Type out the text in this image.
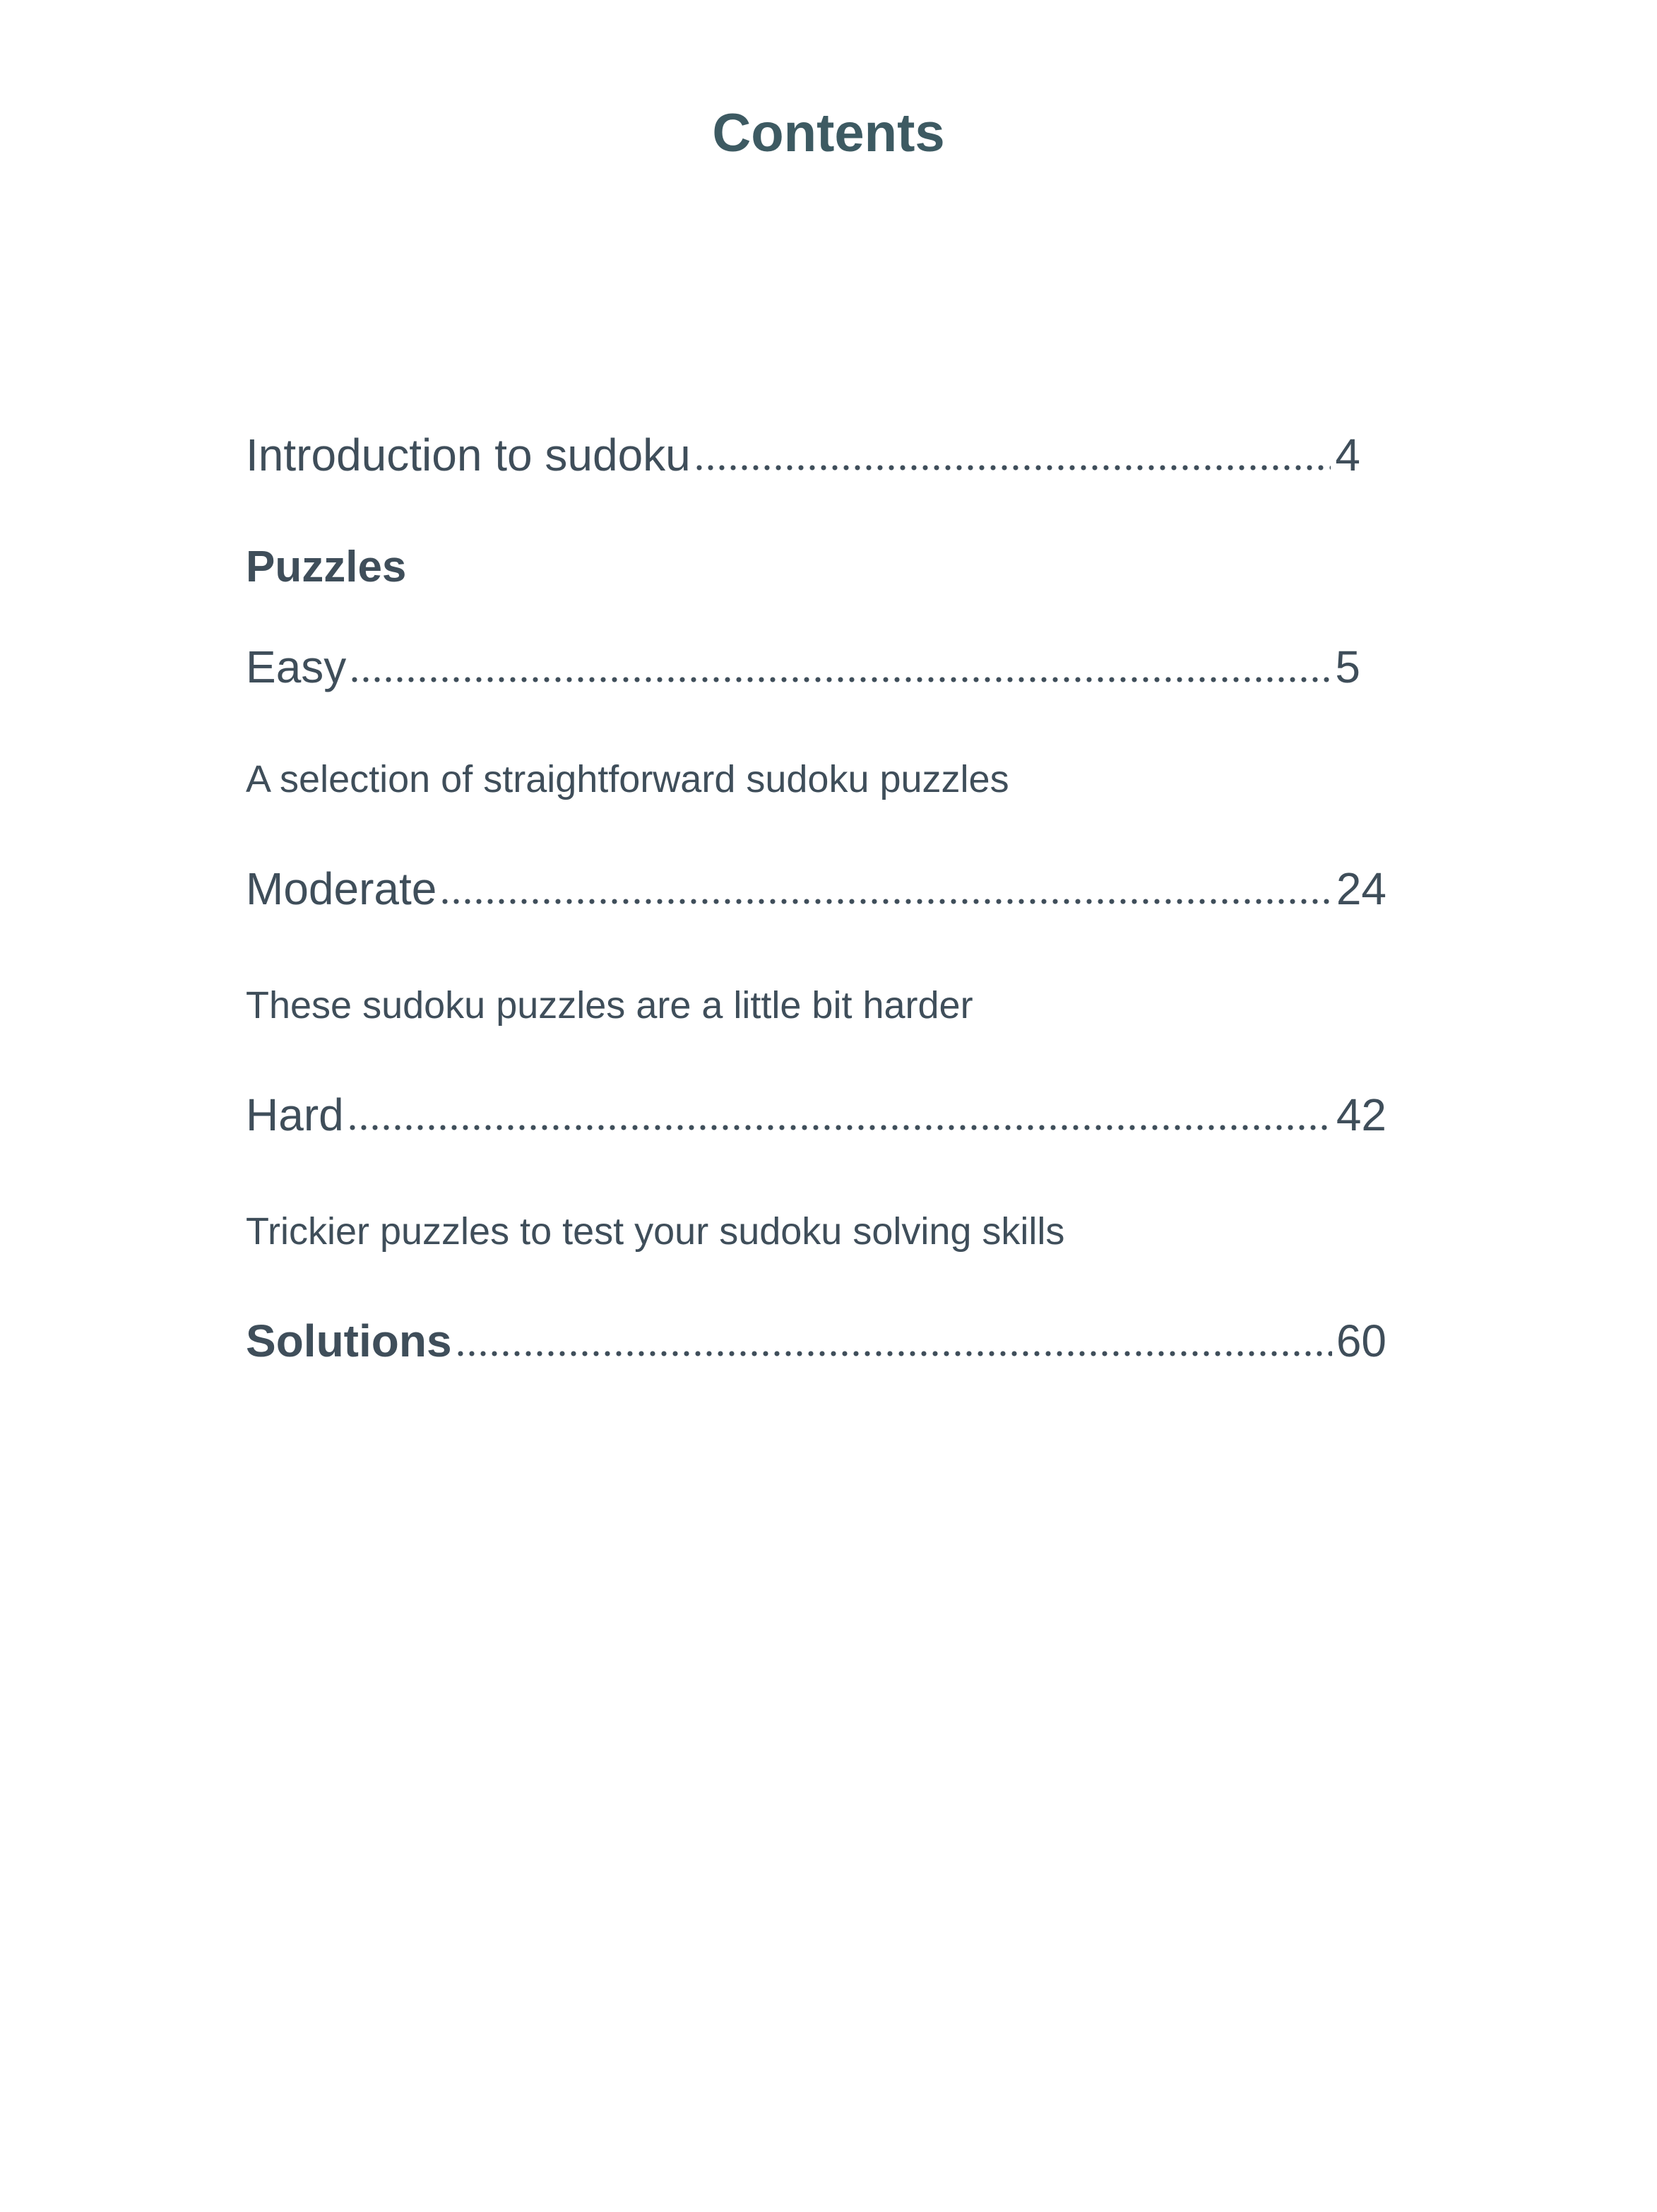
Contents
Introduction to sudoku	4
Puzzles
Easy	5
A selection of straightforward sudoku puzzles
Moderate	24
These sudoku puzzles are a little bit harder
Hard	42
Trickier puzzles to test your sudoku solving skills
Solutions	60
